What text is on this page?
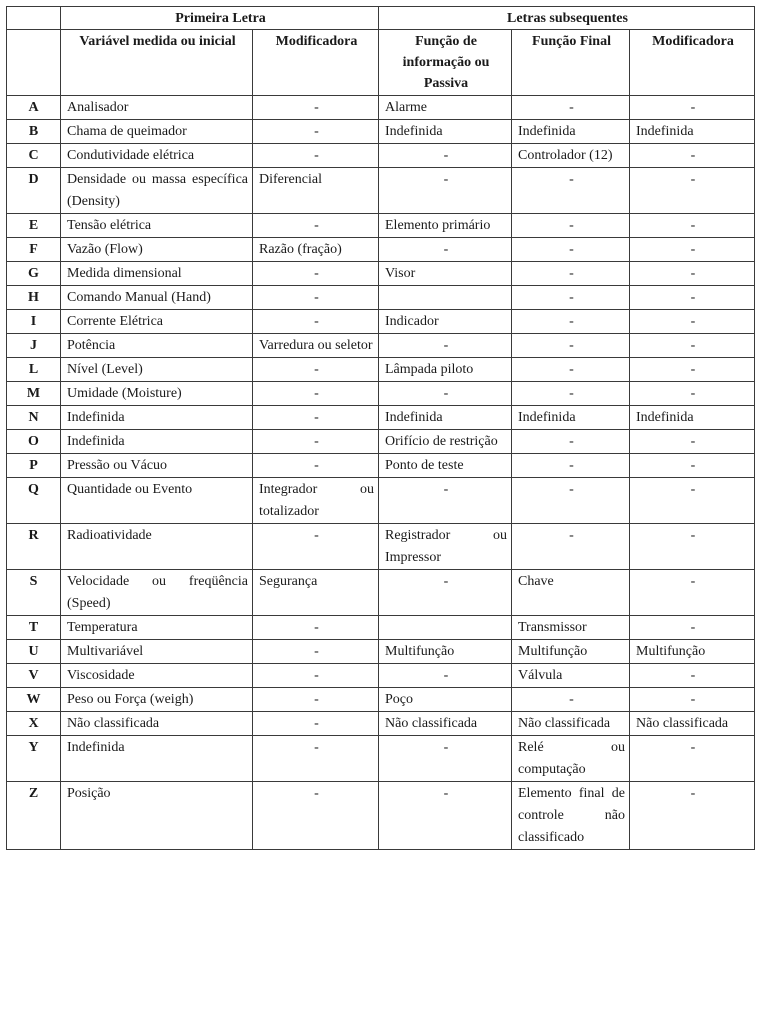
	Primeira Letra		Letras subsequentes		
	Variável medida ou inicial	Modificadora	Função de informação ou Passiva	Função Final	Modificadora
A	Analisador	-	Alarme	-	-
B	Chama de queimador	-	Indefinida	Indefinida	Indefinida
C	Condutividade elétrica	-	-	Controlador (12)	-
D	Densidade ou massa específica (Density)	Diferencial	-	-	-
E	Tensão elétrica	-	Elemento primário	-	-
F	Vazão (Flow)	Razão (fração)	-	-	-
G	Medida dimensional	-	Visor	-	-
H	Comando Manual (Hand)	-		-	-
I	Corrente Elétrica	-	Indicador	-	-
J	Potência	Varredura ou seletor	-	-	-
L	Nível (Level)	-	Lâmpada piloto	-	-
M	Umidade (Moisture)	-	-	-	-
N	Indefinida	-	Indefinida	Indefinida	Indefinida
O	Indefinida	-	Orifício de restrição	-	-
P	Pressão ou Vácuo	-	Ponto de teste	-	-
Q	Quantidade ou Evento	Integrador ou totalizador	-	-	-
R	Radioatividade	-	Registrador ou Impressor	-	-
S	Velocidade ou freqüência (Speed)	Segurança	-	Chave	-
T	Temperatura	-		Transmissor	-
U	Multivariável	-	Multifunção	Multifunção	Multifunção
V	Viscosidade	-	-	Válvula	-
W	Peso ou Força (weigh)	-	Poço	-	-
X	Não classificada	-	Não classificada	Não classificada	Não classificada
Y	Indefinida	-	-	Relé ou computação	-
Z	Posição	-	-	Elemento final de controle não classificado	-
